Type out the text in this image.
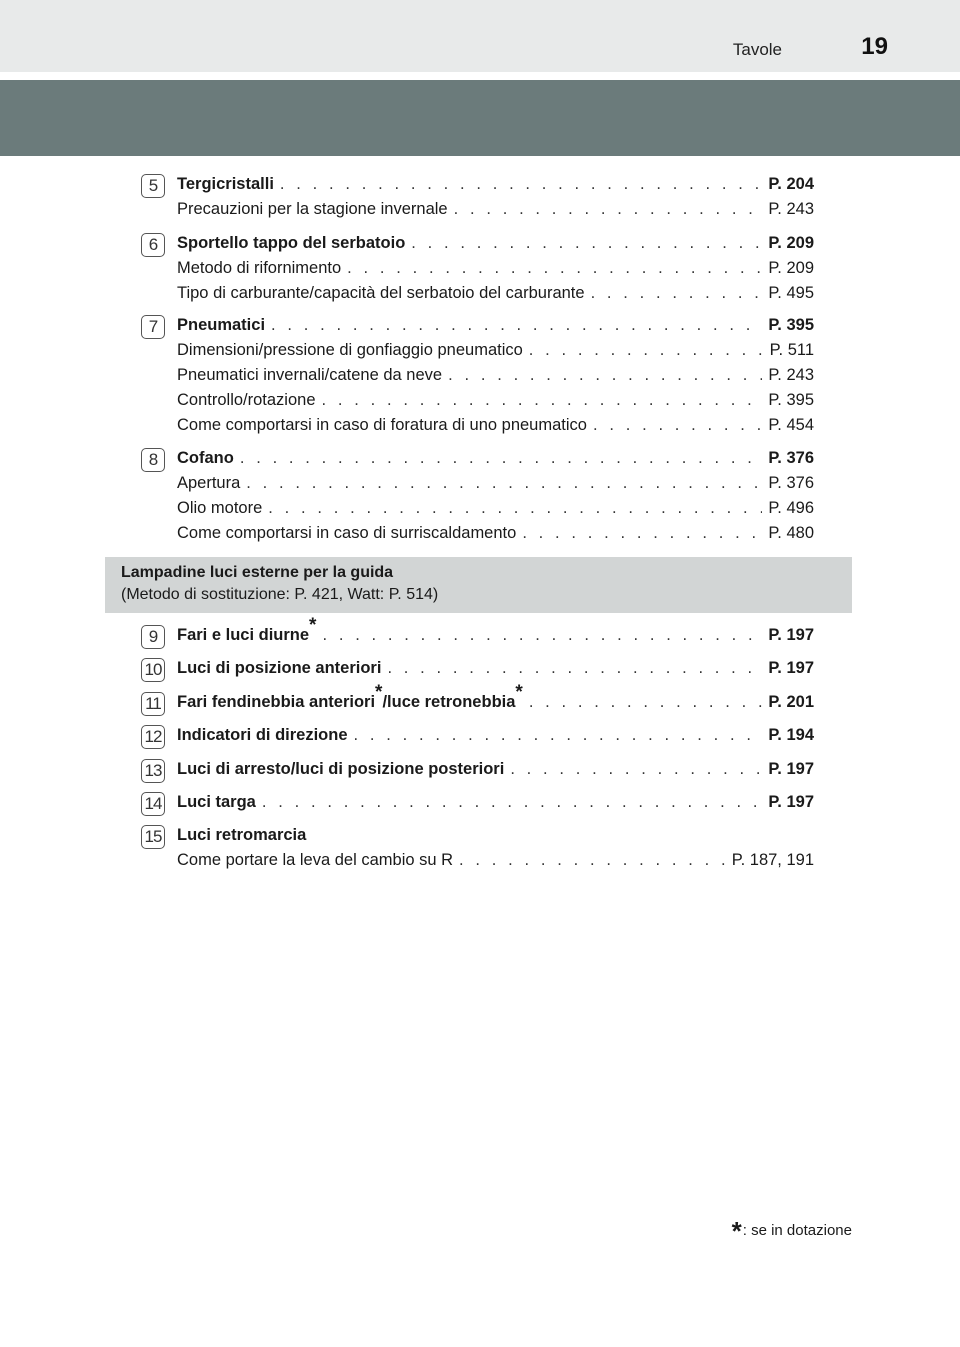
Tavole	19
5	Tergicristalli . . .	P. 204
Precauzioni per la stagione invernale . . .	P. 243
6	Sportello tappo del serbatoio . . .	P. 209
Metodo di rifornimento . . .	P. 209
Tipo di carburante/capacità del serbatoio del carburante . . .	P. 495
7	Pneumatici . . .	P. 395
Dimensioni/pressione di gonfiaggio pneumatico . . .	P. 511
Pneumatici invernali/catene da neve . . .	P. 243
Controllo/rotazione . . .	P. 395
Come comportarsi in caso di foratura di uno pneumatico . . .	P. 454
8	Cofano . . .	P. 376
Apertura . . .	P. 376
Olio motore . . .	P. 496
Come comportarsi in caso di surriscaldamento . . .	P. 480
Lampadine luci esterne per la guida
(Metodo di sostituzione: P. 421, Watt: P. 514)
9	Fari e luci diurne* . . .	P. 197
10 Luci di posizione anteriori . . .	P. 197
11 Fari fendinebbia anteriori*/luce retronebbia* . . .	P. 201
12 Indicatori di direzione . . .	P. 194
13 Luci di arresto/luci di posizione posteriori . . .	P. 197
14 Luci targa . . .	P. 197
15 Luci retromarcia
Come portare la leva del cambio su R . . .	P. 187, 191
* : se in dotazione
